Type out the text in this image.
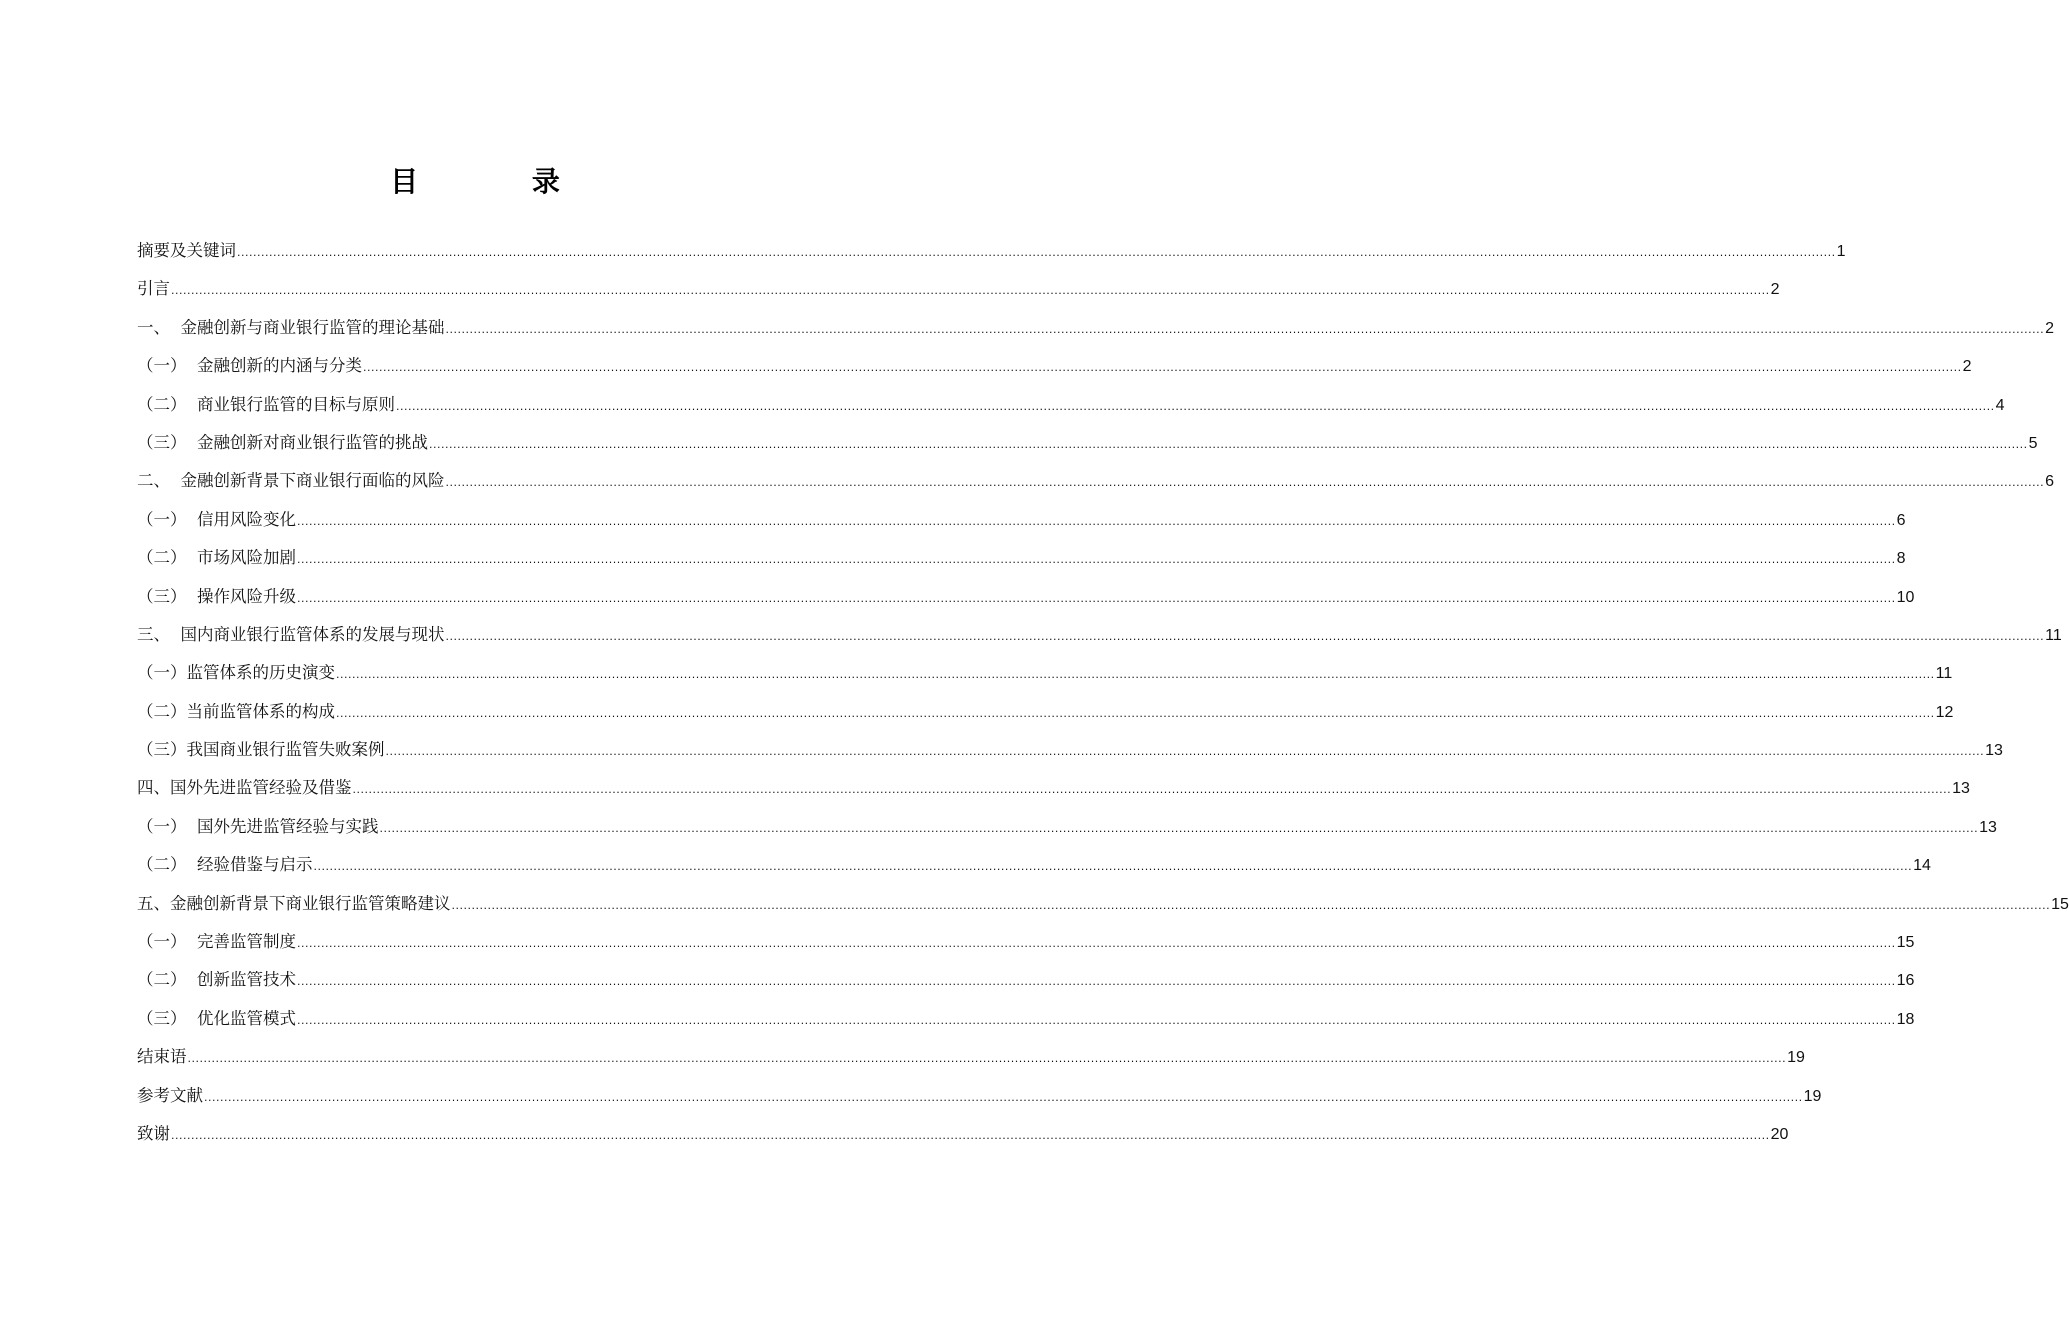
目 录
摘要及关键词 ................................................................................................................................................................................................................................................................................................................................................................................................................ 1
引言 ................................................................................................................................................................................................................................................................................................................................................................................................................ 2
一、  金融创新与商业银行监管的理论基础 ................................................................................................................................................................................................................................................................................................................................................................................................................ 2
（一）  金融创新的内涵与分类 ................................................................................................................................................................................................................................................................................................................................................................................................................ 2
（二）  商业银行监管的目标与原则 ................................................................................................................................................................................................................................................................................................................................................................................................................ 4
（三）  金融创新对商业银行监管的挑战 ................................................................................................................................................................................................................................................................................................................................................................................................................ 5
二、  金融创新背景下商业银行面临的风险 ................................................................................................................................................................................................................................................................................................................................................................................................................ 6
（一）  信用风险变化 ................................................................................................................................................................................................................................................................................................................................................................................................................ 6
（二）  市场风险加剧 ................................................................................................................................................................................................................................................................................................................................................................................................................ 8
（三）  操作风险升级 ................................................................................................................................................................................................................................................................................................................................................................................................................ 10
三、  国内商业银行监管体系的发展与现状 ................................................................................................................................................................................................................................................................................................................................................................................................................ 11
（一）监管体系的历史演变 ................................................................................................................................................................................................................................................................................................................................................................................................................ 11
（二）当前监管体系的构成 ................................................................................................................................................................................................................................................................................................................................................................................................................ 12
（三）我国商业银行监管失败案例 ................................................................................................................................................................................................................................................................................................................................................................................................................ 13
四、国外先进监管经验及借鉴 ................................................................................................................................................................................................................................................................................................................................................................................................................ 13
（一）  国外先进监管经验与实践 ................................................................................................................................................................................................................................................................................................................................................................................................................ 13
（二）  经验借鉴与启示 ................................................................................................................................................................................................................................................................................................................................................................................................................ 14
五、金融创新背景下商业银行监管策略建议 ................................................................................................................................................................................................................................................................................................................................................................................................................ 15
（一）  完善监管制度 ................................................................................................................................................................................................................................................................................................................................................................................................................ 15
（二）  创新监管技术 ................................................................................................................................................................................................................................................................................................................................................................................................................ 16
（三）  优化监管模式 ................................................................................................................................................................................................................................................................................................................................................................................................................ 18
结束语 ................................................................................................................................................................................................................................................................................................................................................................................................................ 19
参考文献 ................................................................................................................................................................................................................................................................................................................................................................................................................ 19
致谢 ................................................................................................................................................................................................................................................................................................................................................................................................................ 20
